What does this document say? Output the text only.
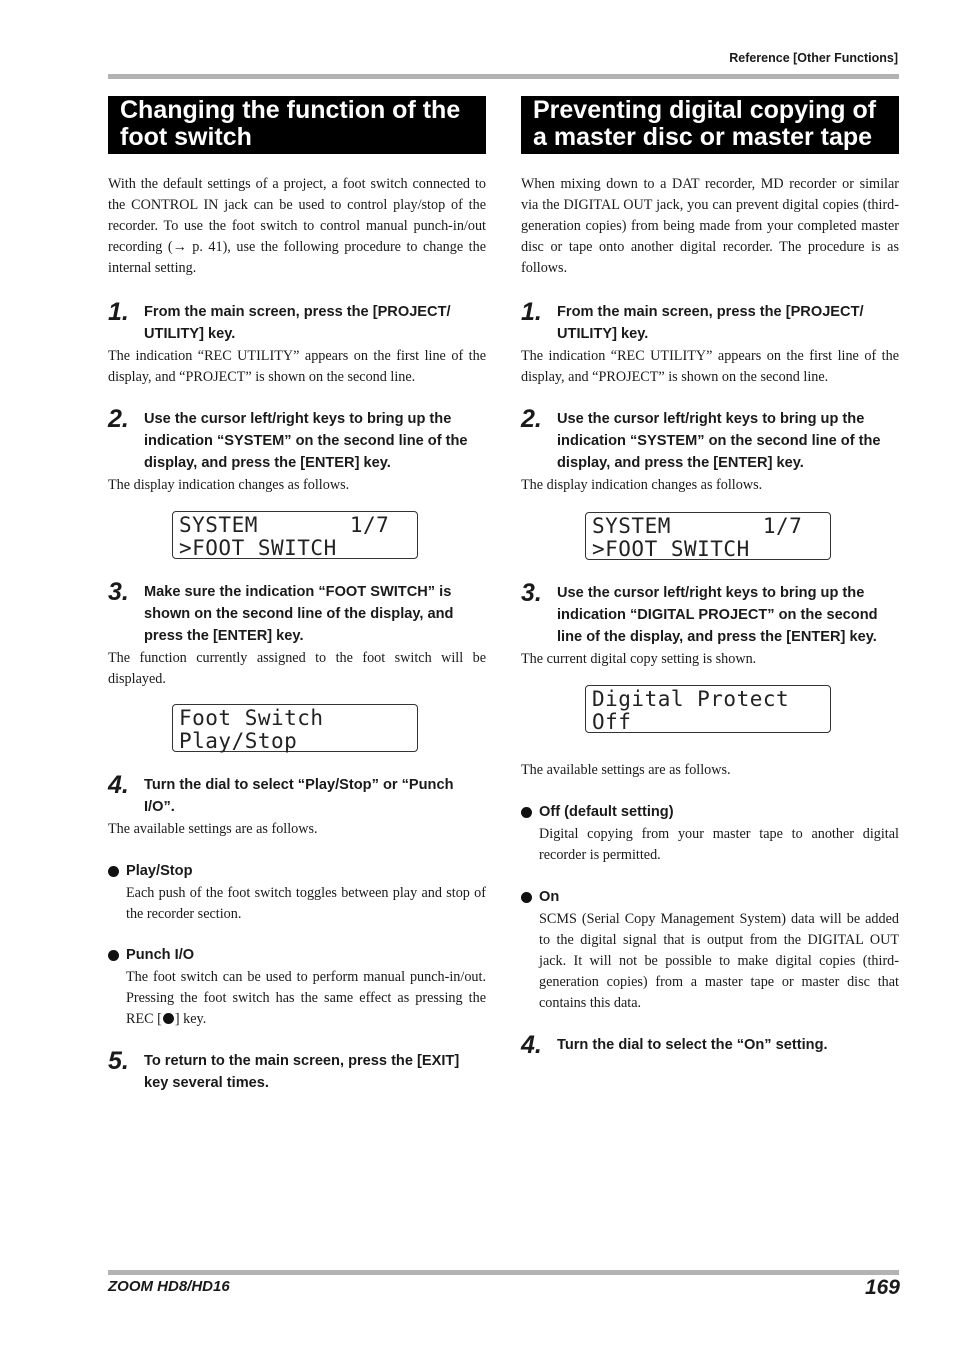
Reference [Other Functions]
Changing the function of the foot switch

With the default settings of a project, a foot switch connected to the CONTROL IN jack can be used to control play/stop of the recorder. To use the foot switch to control manual punch-in/out recording (→ p. 41), use the following procedure to change the internal setting.

1.	From the main screen, press the [PROJECT/ UTILITY] key.

The indication “REC UTILITY” appears on the first line of the display, and “PROJECT” is shown on the second line.

2.	Use the cursor left/right keys to bring up the indication “SYSTEM” on the second line of the display, and press the [ENTER] key.

The display indication changes as follows.

SYSTEM       1/7
>FOOT SWITCH
3.	Make sure the indication “FOOT SWITCH” is shown on the second line of the display, and press the [ENTER] key.

The function currently assigned to the foot switch will be displayed.

Foot Switch
Play/Stop
4.	Turn the dial to select “Play/Stop” or “Punch I/O”.

The available settings are as follows.

Play/Stop

Each push of the foot switch toggles between play and stop of the recorder section.

Punch I/O

The foot switch can be used to perform manual punch-in/out. Pressing the foot switch has the same effect as pressing the REC [ ] key.

5.	To return to the main screen, press the [EXIT] key several times.
Preventing digital copying of a master disc or master tape

When mixing down to a DAT recorder, MD recorder or similar via the DIGITAL OUT jack, you can prevent digital copies (third-generation copies) from being made from your completed master disc or tape onto another digital recorder. The procedure is as follows.

1.	From the main screen, press the [PROJECT/ UTILITY] key.

The indication “REC UTILITY” appears on the first line of the display, and “PROJECT” is shown on the second line.

2.	Use the cursor left/right keys to bring up the indication “SYSTEM” on the second line of the display, and press the [ENTER] key.

The display indication changes as follows.

SYSTEM       1/7
>FOOT SWITCH
3.	Use the cursor left/right keys to bring up the indication “DIGITAL PROJECT” on the second line of the display, and press the [ENTER] key.

The current digital copy setting is shown.

Digital Protect
Off

The available settings are as follows.

Off (default setting)

Digital copying from your master tape to another digital recorder is permitted.

On

SCMS (Serial Copy Management System) data will be added to the digital signal that is output from the DIGITAL OUT jack. It will not be possible to make digital copies (third-generation copies) from a master tape or master disc that contains this data.

4.	Turn the dial to select the “On” setting.
ZOOM HD8/HD16	169
